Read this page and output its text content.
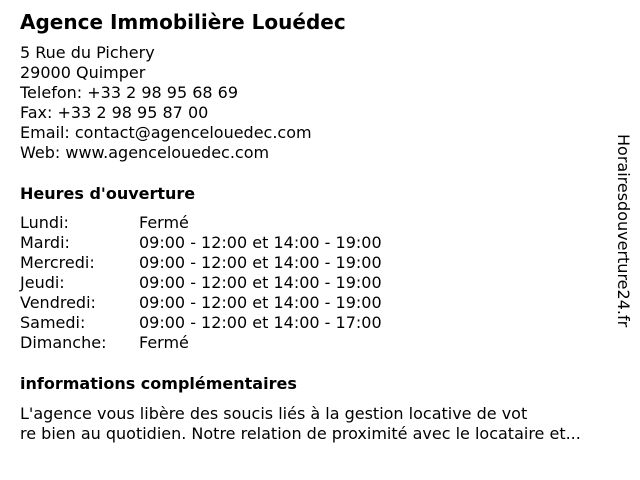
Agence Immobilière Louédec
5 Rue du Pichery
29000 Quimper
Telefon: +33 2 98 95 68 69
Fax: +33 2 98 95 87 00
Email: contact@agencelouedec.com
Web: www.agencelouedec.com
Heures d'ouverture
Lundi:	Fermé
Mardi:	09:00 - 12:00 et 14:00 - 19:00
Mercredi:	09:00 - 12:00 et 14:00 - 19:00
Jeudi:	09:00 - 12:00 et 14:00 - 19:00
Vendredi:	09:00 - 12:00 et 14:00 - 19:00
Samedi:	09:00 - 12:00 et 14:00 - 17:00
Dimanche: Fermé
informations complémentaires
L'agence vous libère des soucis liés à la gestion locative de vot
re bien au quotidien. Notre relation de proximité avec le locataire et...
Horairesdouverture24.fr
